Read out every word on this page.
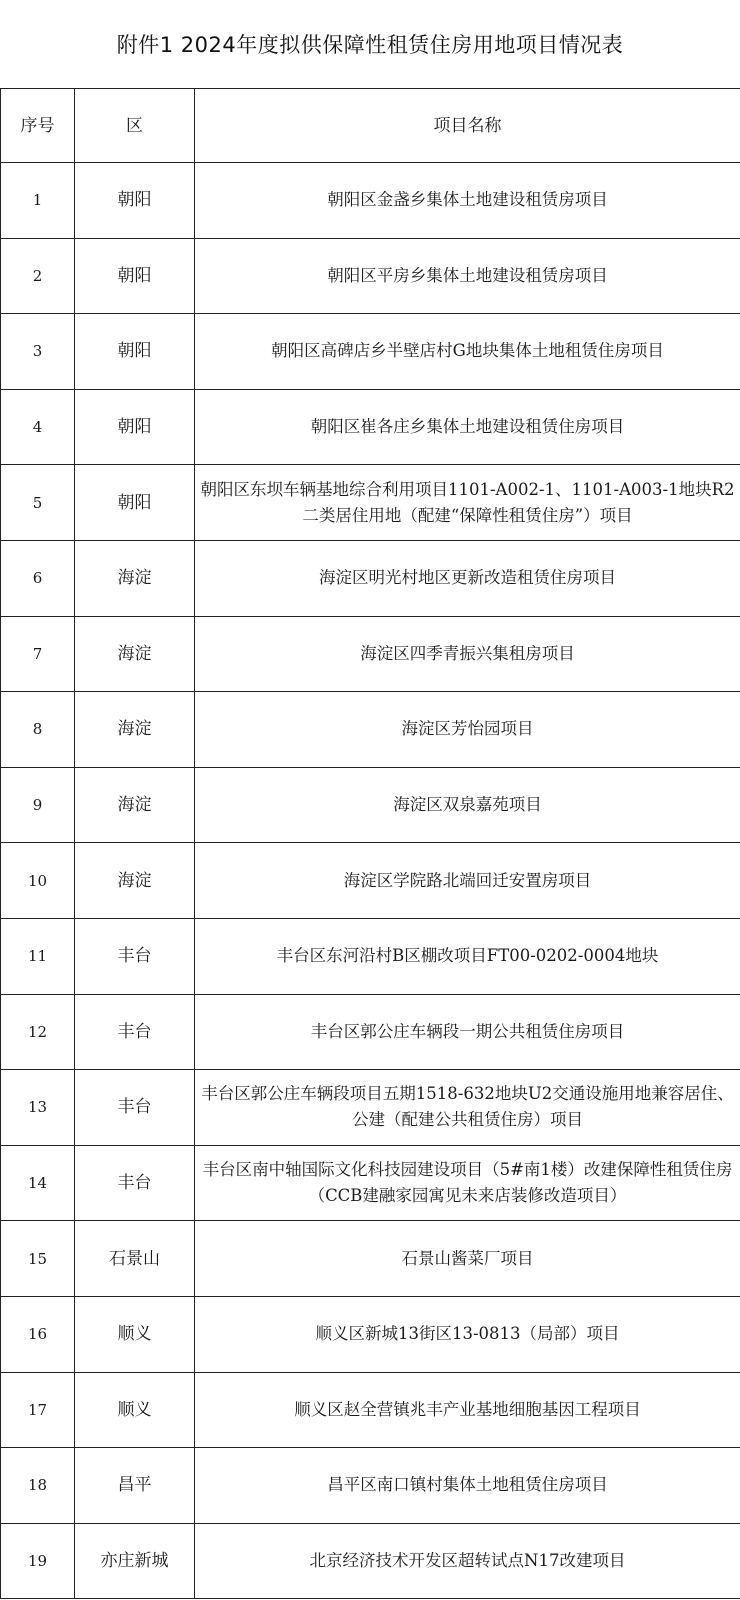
附件1 2024年度拟供保障性租赁住房用地项目情况表
序号	区	项目名称
1	朝阳	朝阳区金盏乡集体土地建设租赁房项目
2	朝阳	朝阳区平房乡集体土地建设租赁房项目
3	朝阳	朝阳区高碑店乡半壁店村G地块集体土地租赁住房项目
4	朝阳	朝阳区崔各庄乡集体土地建设租赁住房项目
5	朝阳	朝阳区东坝车辆基地综合利用项目1101-A002-1、1101-A003-1地块R2二类居住用地（配建“保障性租赁住房”）项目
6	海淀	海淀区明光村地区更新改造租赁住房项目
7	海淀	海淀区四季青振兴集租房项目
8	海淀	海淀区芳怡园项目
9	海淀	海淀区双泉嘉苑项目
10	海淀	海淀区学院路北端回迁安置房项目
11	丰台	丰台区东河沿村B区棚改项目FT00-0202-0004地块
12	丰台	丰台区郭公庄车辆段一期公共租赁住房项目
13	丰台	丰台区郭公庄车辆段项目五期1518-632地块U2交通设施用地兼容居住、公建（配建公共租赁住房）项目
14	丰台	丰台区南中轴国际文化科技园建设项目（5#南1楼）改建保障性租赁住房（CCB建融家园寓见未来店装修改造项目）
15	石景山	石景山酱菜厂项目
16	顺义	顺义区新城13街区13-0813（局部）项目
17	顺义	顺义区赵全营镇兆丰产业基地细胞基因工程项目
18	昌平	昌平区南口镇村集体土地租赁住房项目
19	亦庄新城	北京经济技术开发区超转试点N17改建项目
